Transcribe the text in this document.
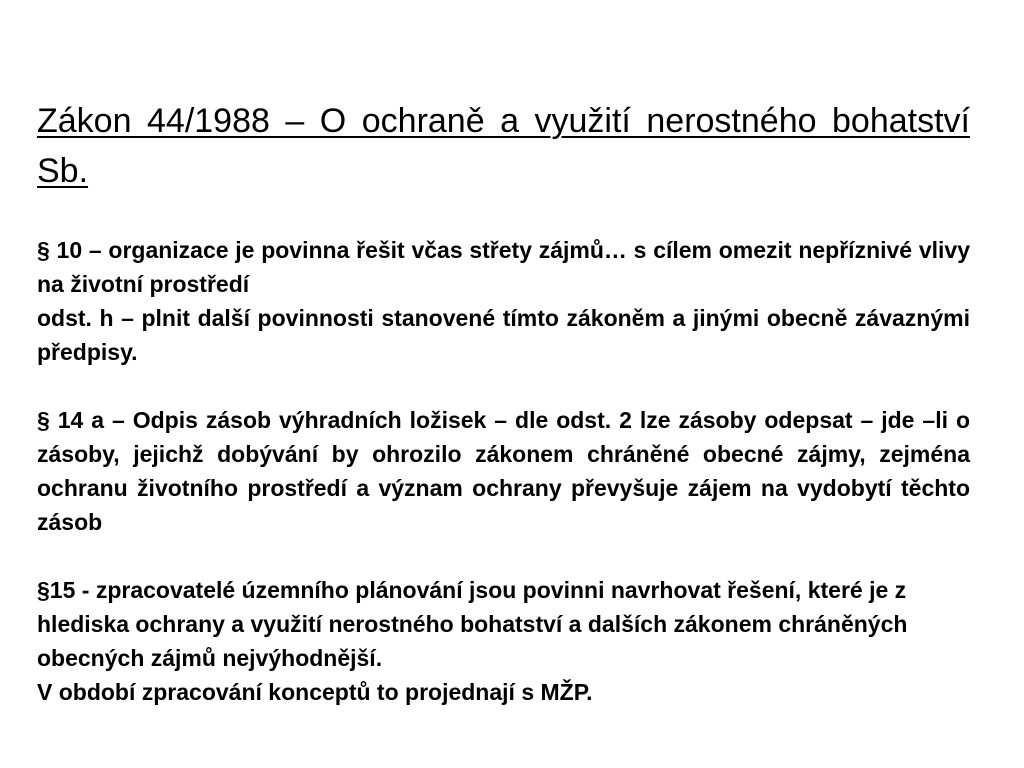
Zákon 44/1988 – O ochraně a využití nerostného bohatství Sb.

§ 10 – organizace je povinna řešit včas střety zájmů… s cílem omezit nepříznivé vlivy na životní prostředí

odst. h – plnit další povinnosti stanovené tímto zákoněm a jinými obecně závaznými předpisy.

§ 14 a – Odpis zásob výhradních ložisek – dle odst. 2 lze zásoby odepsat – jde –li o zásoby, jejichž dobývání by ohrozilo zákonem chráněné obecné zájmy, zejména ochranu životního prostředí a význam ochrany převyšuje zájem na vydobytí těchto zásob

§15 - zpracovatelé územního plánování jsou povinni navrhovat řešení, které je z hlediska ochrany a využití nerostného bohatství a dalších zákonem chráněných obecných zájmů nejvýhodnější.

V období zpracování konceptů to projednají s MŽP.
